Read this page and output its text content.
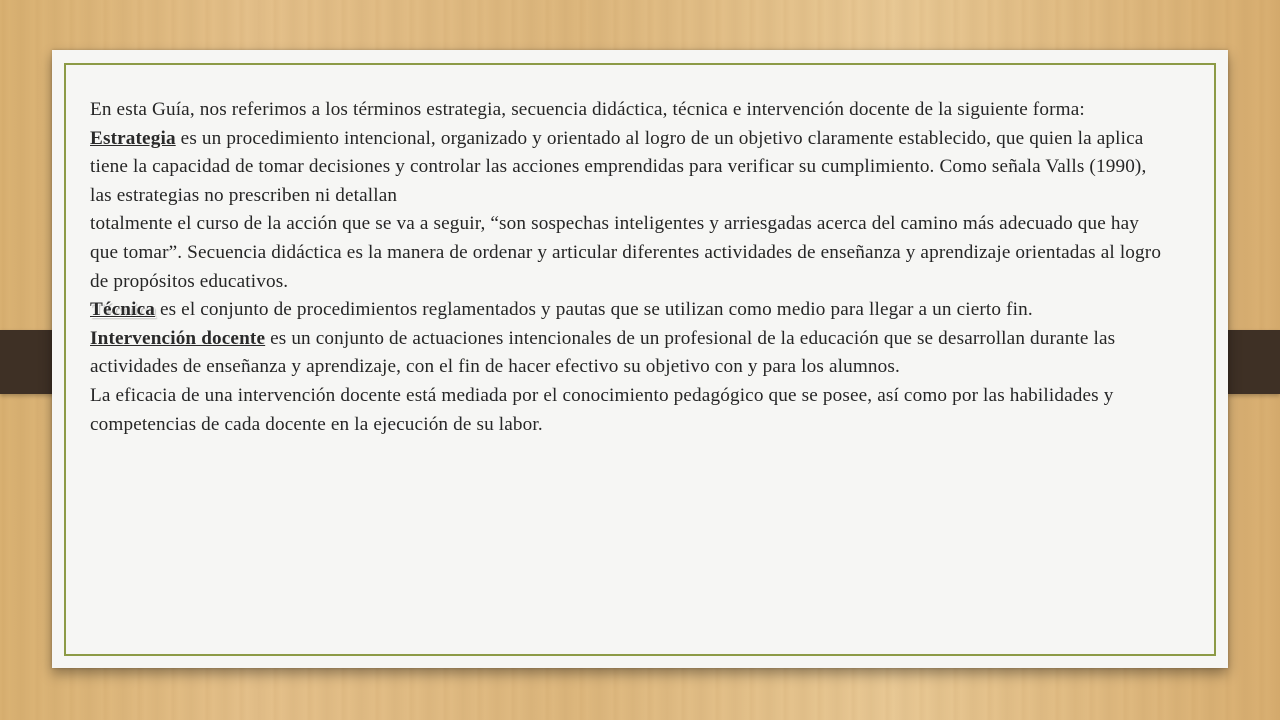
En esta Guía, nos referimos a los términos estrategia, secuencia didáctica, técnica e intervención docente de la siguiente forma:

Estrategia es un procedimiento intencional, organizado y orientado al logro de un objetivo claramente establecido, que quien la aplica tiene la capacidad de tomar decisiones y controlar las acciones emprendidas para verificar su cumplimiento. Como señala Valls (1990), las estrategias no prescriben ni detallan

totalmente el curso de la acción que se va a seguir, “son sospechas inteligentes y arriesgadas acerca del camino más adecuado que hay que tomar”. Secuencia didáctica es la manera de ordenar y articular diferentes actividades de enseñanza y aprendizaje orientadas al logro de propósitos educativos.

Técnica es el conjunto de procedimientos reglamentados y pautas que se utilizan como medio para llegar a un cierto fin.

Intervención docente es un conjunto de actuaciones intencionales de un profesional de la educación que se desarrollan durante las actividades de enseñanza y aprendizaje, con el fin de hacer efectivo su objetivo con y para los alumnos.

La eficacia de una intervención docente está mediada por el conocimiento pedagógico que se posee, así como por las habilidades y competencias de cada docente en la ejecución de su labor.
